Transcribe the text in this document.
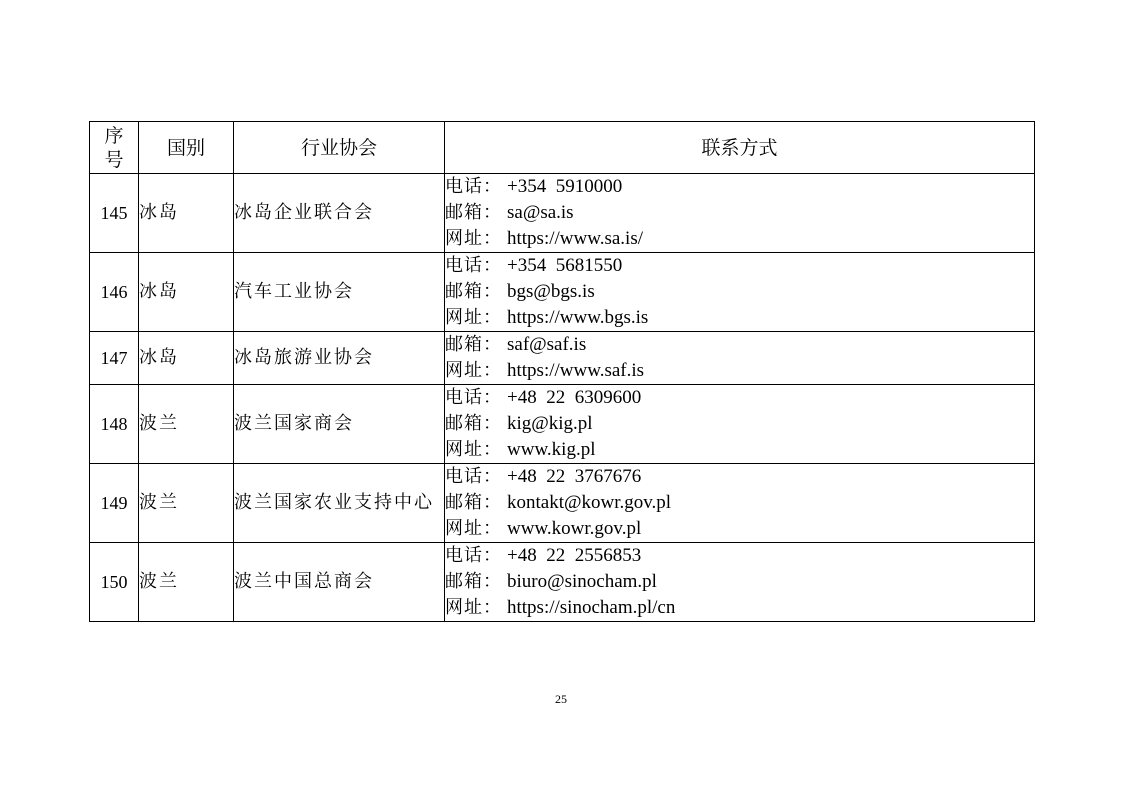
序
号	国别	行业协会	联系方式
145	冰岛	冰岛企业联合会	电话： +354  5910000
邮箱： sa@sa.is
网址： https://www.sa.is/

146	冰岛	汽车工业协会	电话： +354  5681550
邮箱： bgs@bgs.is
网址： https://www.bgs.is

147	冰岛	冰岛旅游业协会	邮箱： saf@saf.is
网址： https://www.saf.is

148	波兰	波兰国家商会	电话： +48  22  6309600
邮箱： kig@kig.pl
网址： www.kig.pl

149	波兰	波兰国家农业支持中心	电话： +48  22  3767676
邮箱： kontakt@kowr.gov.pl
网址： www.kowr.gov.pl

150	波兰	波兰中国总商会	电话： +48  22  2556853
邮箱： biuro@sinocham.pl
网址： https://sinocham.pl/cn
25
